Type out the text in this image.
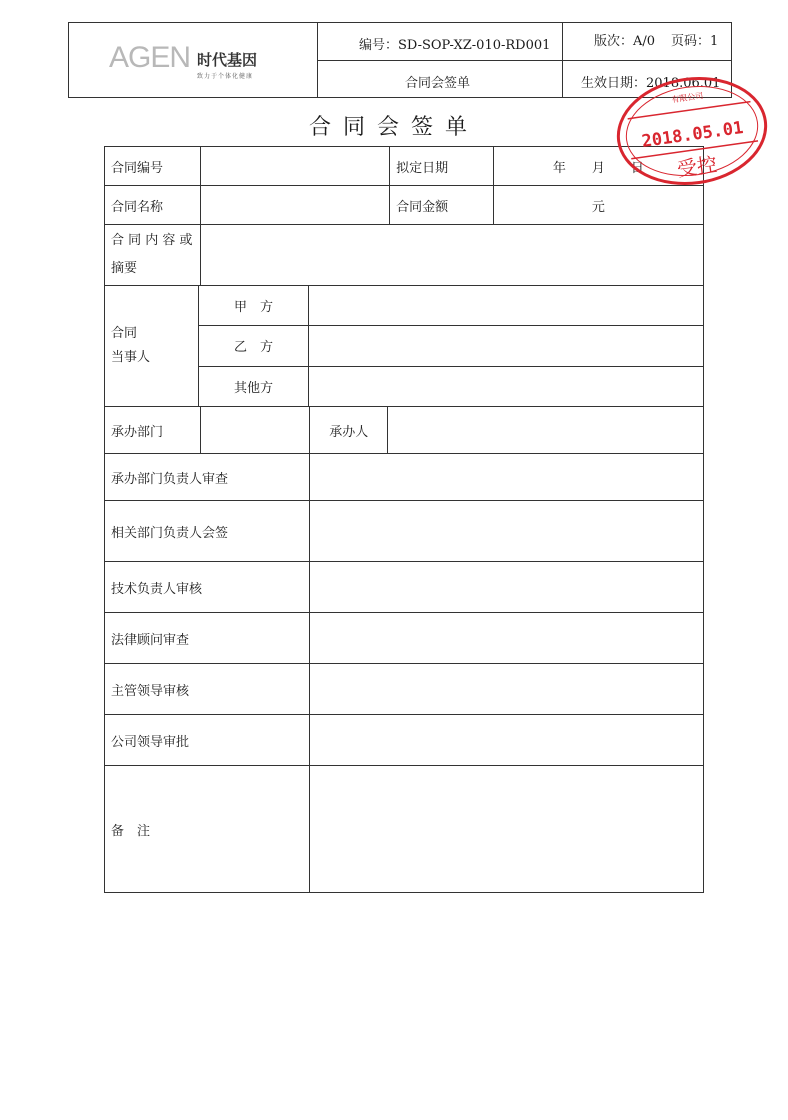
AGEN 时代基因
致力于个体化健康
编号：SD-SOP-XZ-010-RD001	版次：A/0 页码：1
合同会签单	生效日期：2018.06.01
合同会签单
合同编号	拟定日期	年　　月　　日
合同名称	合同金额	元
合 同 内 容 或
摘要
合同
当事人
甲　方
乙　方
其他方
承办部门	承办人
承办部门负责人审查
相关部门负责人会签
技术负责人审核
法律顾问审查
主管领导审核
公司领导审批
备　注
有限公司
2018.05.01
受控
